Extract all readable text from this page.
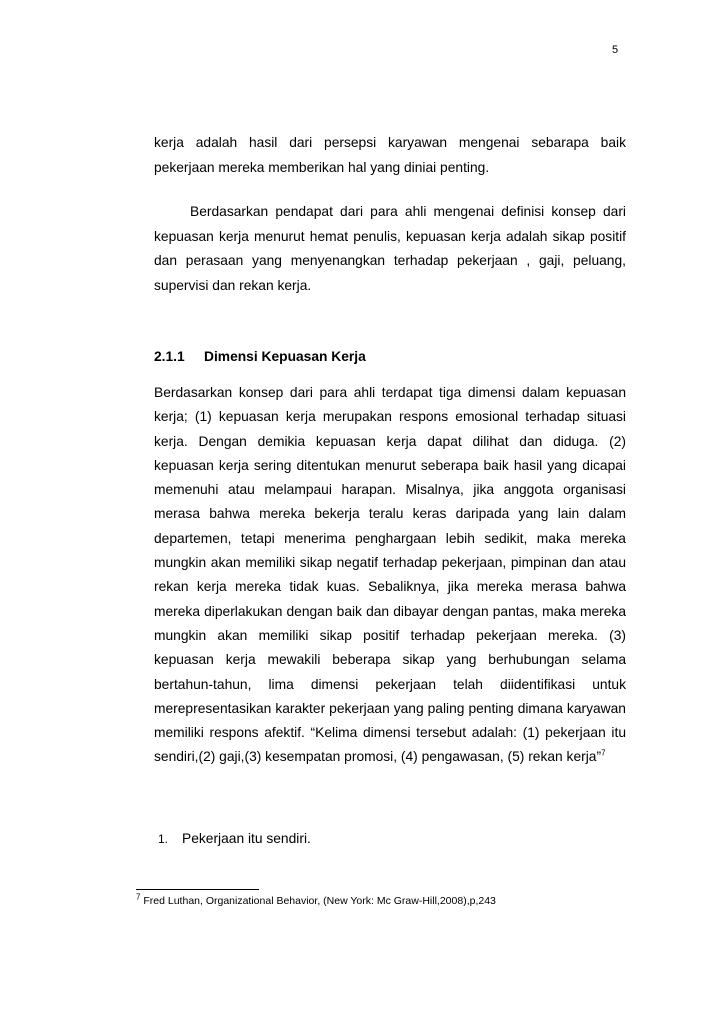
5

kerja adalah hasil dari persepsi karyawan mengenai sebarapa baik pekerjaan mereka memberikan hal yang diniai penting.

Berdasarkan pendapat dari para ahli mengenai definisi konsep dari kepuasan kerja menurut hemat penulis, kepuasan kerja adalah sikap positif dan perasaan yang menyenangkan terhadap pekerjaan , gaji, peluang, supervisi dan rekan kerja.

2.1.1 Dimensi Kepuasan Kerja

Berdasarkan konsep dari para ahli terdapat tiga dimensi dalam kepuasan kerja; (1) kepuasan kerja merupakan respons emosional terhadap situasi kerja. Dengan demikia kepuasan kerja dapat dilihat dan diduga. (2) kepuasan kerja sering ditentukan menurut seberapa baik hasil yang dicapai memenuhi atau melampaui harapan. Misalnya, jika anggota organisasi merasa bahwa mereka bekerja teralu keras daripada yang lain dalam departemen, tetapi menerima penghargaan lebih sedikit, maka mereka mungkin akan memiliki sikap negatif terhadap pekerjaan, pimpinan dan atau rekan kerja mereka tidak kuas. Sebaliknya, jika mereka merasa bahwa mereka diperlakukan dengan baik dan dibayar dengan pantas, maka mereka mungkin akan memiliki sikap positif terhadap pekerjaan mereka. (3) kepuasan kerja mewakili beberapa sikap yang berhubungan selama bertahun-tahun, lima dimensi pekerjaan telah diidentifikasi untuk merepresentasikan karakter pekerjaan yang paling penting dimana karyawan memiliki respons afektif. “Kelima dimensi tersebut adalah: (1) pekerjaan itu sendiri,(2) gaji,(3) kesempatan promosi, (4) pengawasan, (5) rekan kerja”$^7$

1. Pekerjaan itu sendiri.

$^7$ Fred Luthan, Organizational Behavior, (New York: Mc Graw-Hill,2008),p,243
